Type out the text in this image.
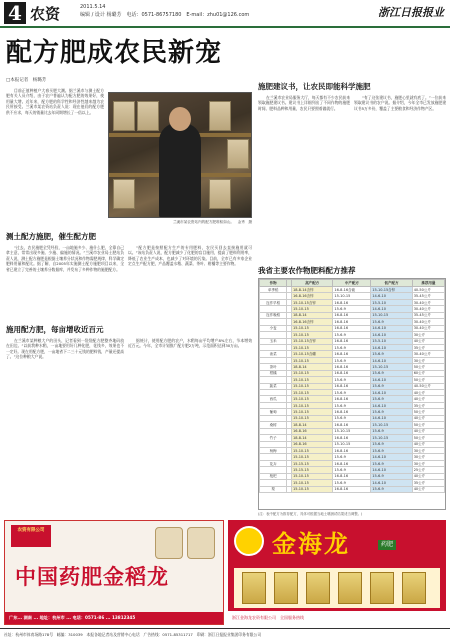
4 农资	2011.5.14
编辑 / 设计 杨璐芳　电话：0571-86757180　E-mail：zhu01@126.com	浙江日报报业
配方肥成农民新宠
□本报记者　杨璐芳

目前正值种植户大春买肥大潮。据兰溪市与测土配方肥有关人员介绍，由于农户普遍认为配方肥的效果好，使用量大增。近年来，配方肥的科学性和经济性越来越为农民所接受。兰溪市某农资站负责人说：现在他们的配方肥供不应求，每天的销量比去年同期增长了一倍以上。

兰溪市某农资站内的配方肥堆积如山。　金秀　摄
测土配方施肥，催生配方肥

“过去，农民施肥全凭经验，一亩地施多少、施什么肥，全靠自己拿主意，常常出现多施、少施、偏施的情况。”兰溪市农业局土肥站负责人说，测土配方施肥是根据土壤养分状况和作物需肥规律，科学确定肥料用量和配比。据了解，自2005年实施测土配方施肥项目以来，全省已建立了完善的土壤养分数据库，并发布了多种作物的施肥配方。

“配方肥是按照配方生产的专用肥料，农民买回去直接施用就可以。”该站负责人说，配方肥减少了化肥的盲目施用，提高了肥料利用率，降低了农业生产成本，也减少了对环境的污染。目前，全市已有多家企业定点生产配方肥，产品覆盖水稻、蔬菜、茶叶、柑橘等主要作物。

施用配方肥，每亩增收近百元

在兰溪市某种粮大户的田头，记者看到一袋袋配方肥整齐地码放在田边。“以前我种水稻，一亩地要用好几种化肥，花钱多，效果也不一定好。现在用配方肥，一亩地省下二三十元钱的肥料钱，产量还提高了。”这位种粮大户说。

据统计，使用配方肥的农户，水稻每亩平均增产8%左右，节本增效近百元。今年，全市计划推广配方肥2万吨，示范面积达到30万亩。

施肥建议书，让农民即能科学施肥

在兰溪市农业局服务大厅，每天都有不少农民前来领取施肥建议书。建议书上详细列出了不同作物的施肥时间、肥料品种和用量，农民只要照着做就行。

“有了这张建议书，施肥心里就有底了。”一位前来领取建议书的农户说。据介绍，今年全市已发放施肥建议书5万多份，覆盖了主要粮食和经济作物产区。

我省主要农作物肥料配方推荐
作物		高产配方	中产配方	低产配方	推荐用量
单季稻		18-8-14含锌	16-8-16含硫	15-10-15含锌	40-50公斤
		16-8-16含锌	15-10-15	14-6-10	35-45公斤
连作早稻		15-10-15含锌	16-8-16	15-5-10	30-40公斤
		15-10-15	15-6-9	14-6-10	30-40公斤
连作晚稻		18-8-14	16-8-16	15-10-15	35-45公斤
		16-8-16含锌	16-8-16	15-6-9	30-40公斤
小麦		15-10-15	16-8-16	14-6-10	30-40公斤
		15-10-15	15-6-9	14-6-10	30公斤
玉米		15-10-15含锌	16-8-16	15-5-10	40公斤
		15-10-15	15-6-9	14-6-10	35公斤
油菜		15-10-15含硼	16-8-16	15-6-9	30-40公斤
		15-10-15	15-6-9	14-6-10	30公斤
茶叶		18-8-14	16-8-16	15-10-15	50公斤
柑橘		15-10-15	16-8-16	15-6-9	60公斤
		15-10-15	15-6-9	14-6-10	50公斤
蔬菜		15-10-15	16-8-16	15-6-9	40-50公斤
		15-10-15	15-6-9	14-6-10	40公斤
西瓜		15-10-15	16-8-16	15-6-9	40公斤
		15-10-15	15-6-9	14-6-10	35公斤
葡萄		15-10-15	16-8-16	15-6-9	50公斤
		15-10-15	15-6-9	14-6-10	40公斤
桑树		18-8-14	16-8-16	15-10-15	50公斤
		16-8-16	15-10-15	15-6-9	40公斤
竹子		18-8-14	16-8-16	15-10-15	50公斤
		16-8-16	15-10-15	15-6-9	40公斤
杨梅		15-10-15	16-8-16	15-6-9	30公斤
		15-10-15	15-6-9	14-6-10	30公斤
花卉		15-15-15	16-8-16	15-6-9	30公斤
		15-15-15	15-6-9	14-6-10	25公斤
枇杷		15-10-15	16-8-16	15-6-9	40公斤
		15-10-15	15-6-9	14-6-10	35公斤
梨		15-10-15	16-8-16	15-6-9	40公斤
(注：表中配方为推荐配方，具体可根据当地土壤测试结果适当调整。)
农资有限公司
中国药肥金稻龙
广东... 湖南 ... 地址：杭州市 ... 电话：0571-86 ... 13812345
金海龙	药肥
浙江金海龙农资有限公司　全国服务热线
社址：杭州市体育场路178号　邮编：310039　本报各地记者站及营销中心电话　广告热线：0571-85311717　印刷：浙江日报报业集团印务有限公司
